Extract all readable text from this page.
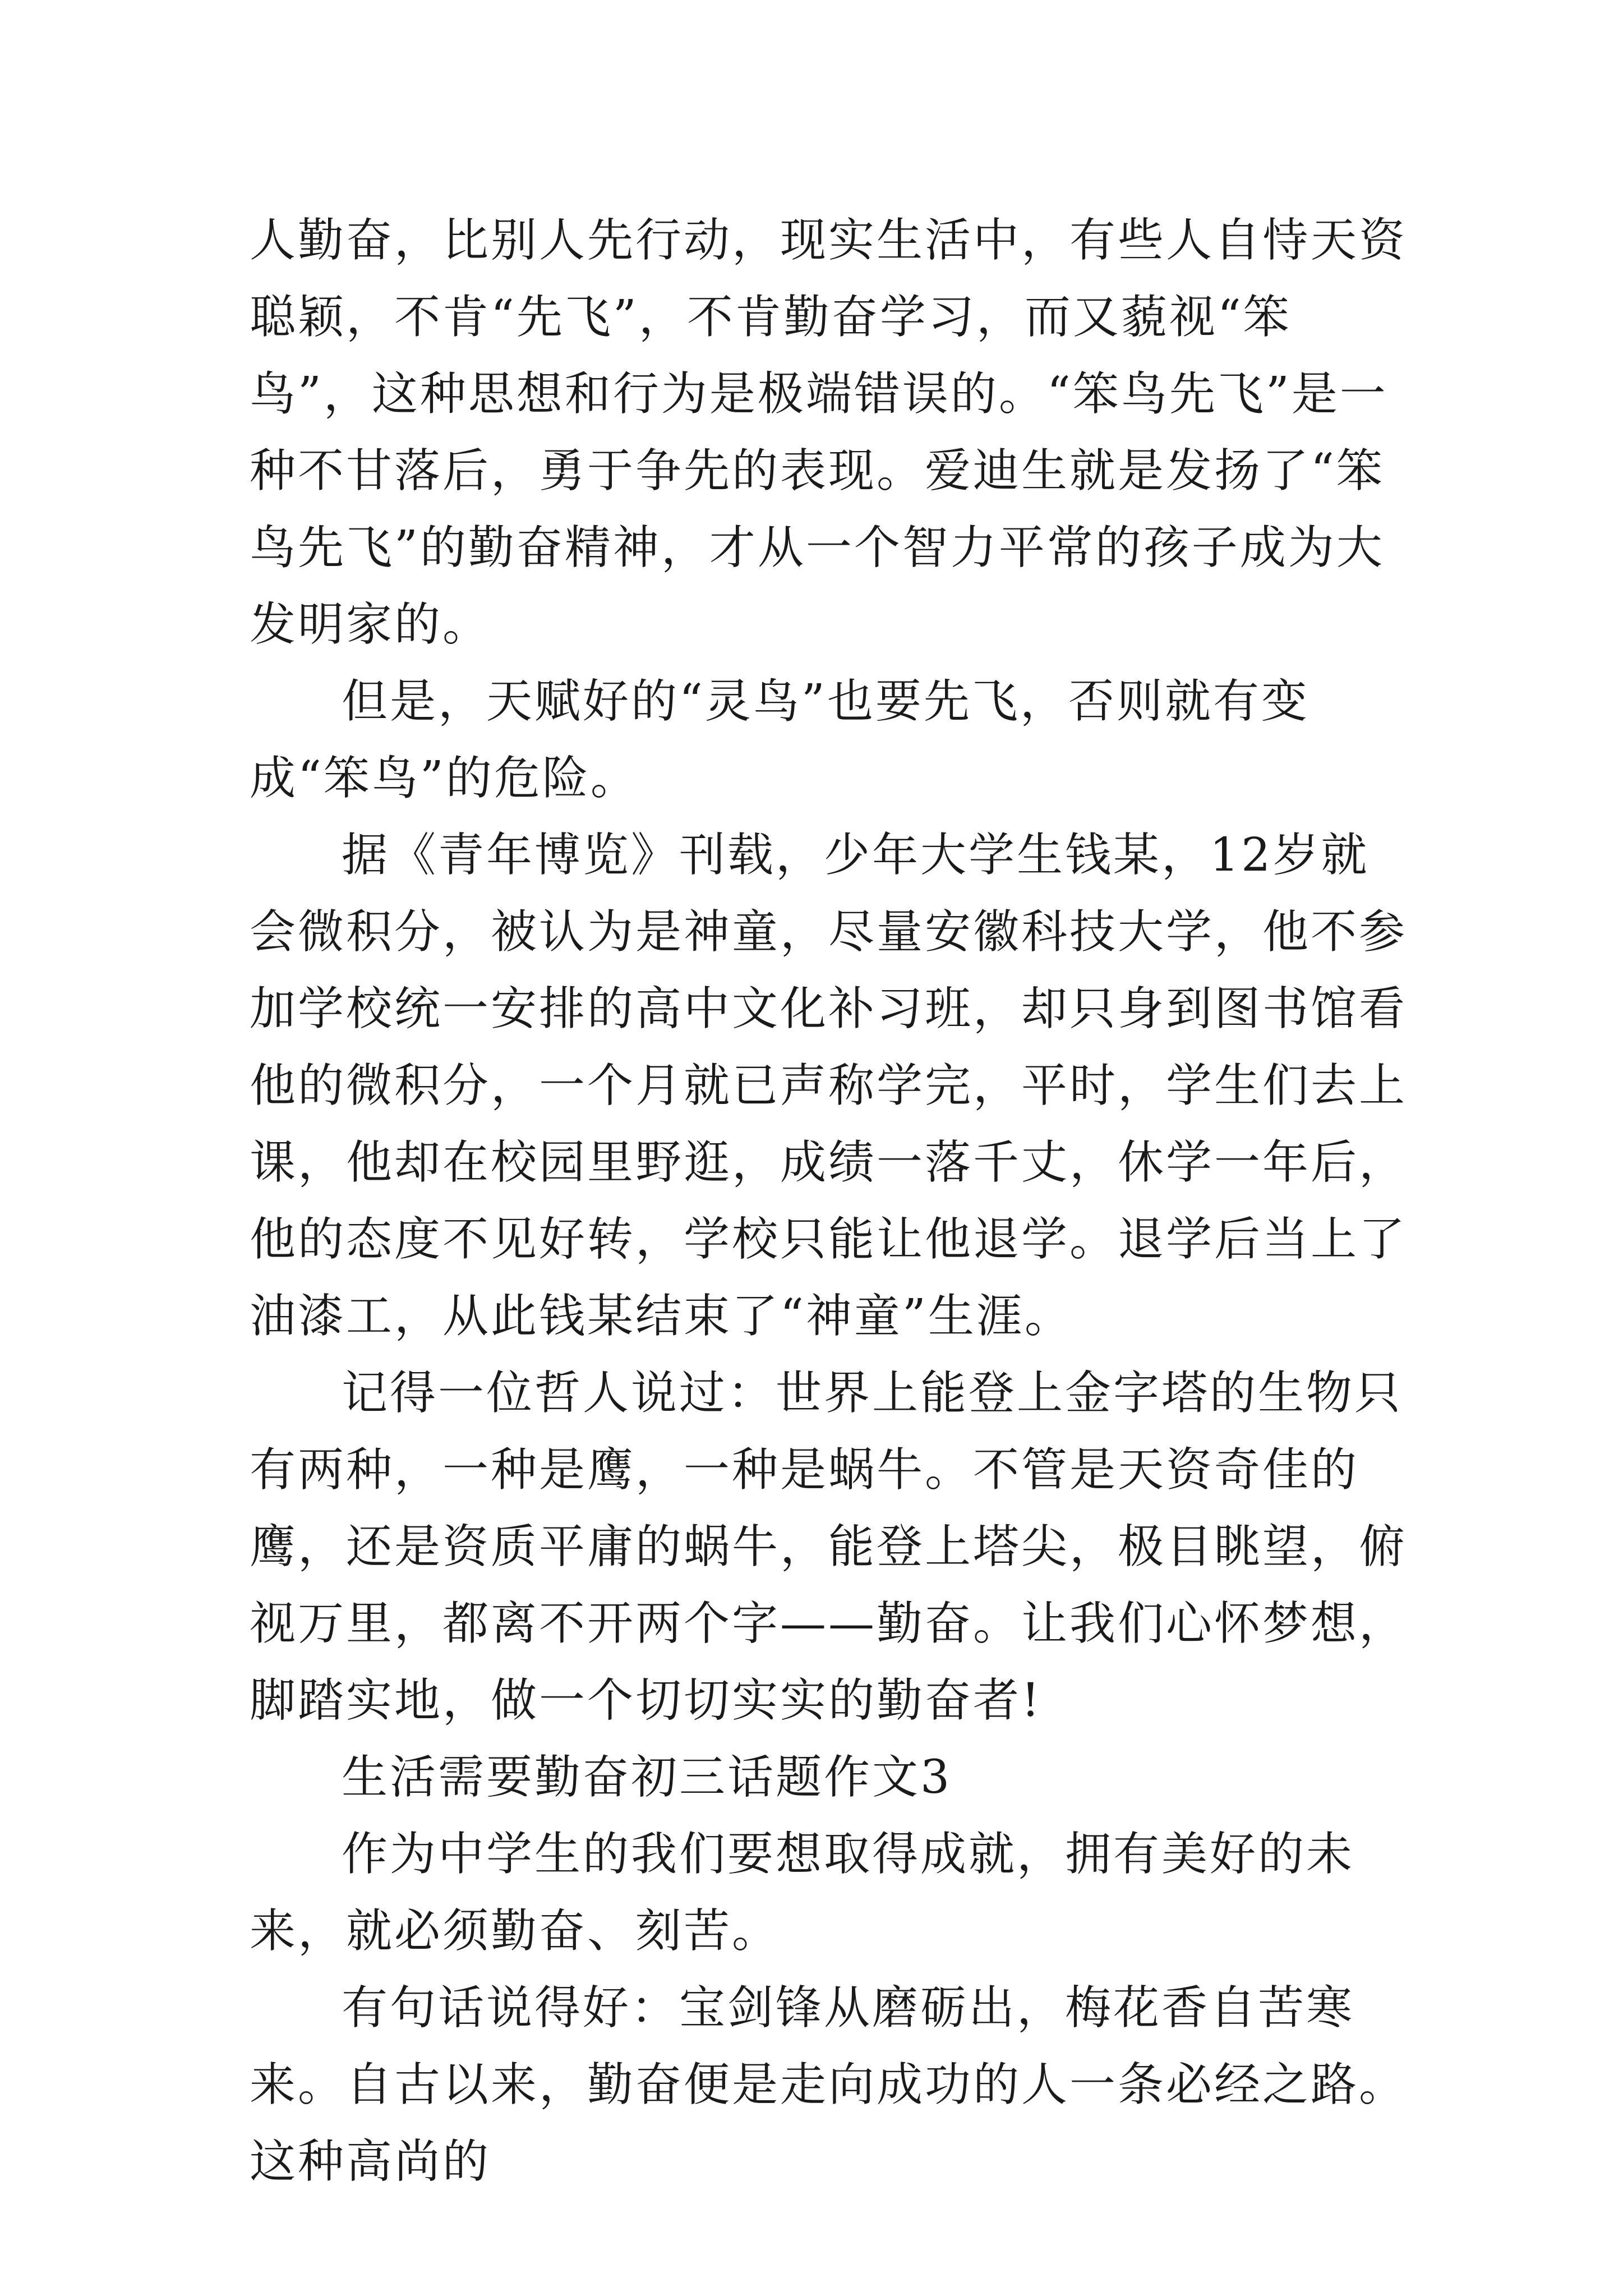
人勤奋，比别人先行动，现实生活中，有些人自恃天资聪颖，不肯“先飞”，不肯勤奋学习，而又藐视“笨鸟”，这种思想和行为是极端错误的。“笨鸟先飞”是一种不甘落后，勇于争先的表现。爱迪生就是发扬了“笨鸟先飞”的勤奋精神，才从一个智力平常的孩子成为大发明家的。

但是，天赋好的“灵鸟”也要先飞，否则就有变成“笨鸟”的危险。

据《青年博览》刊载，少年大学生钱某，12岁就会微积分，被认为是神童，尽量安徽科技大学，他不参加学校统一安排的高中文化补习班，却只身到图书馆看他的微积分，一个月就已声称学完，平时，学生们去上课，他却在校园里野逛，成绩一落千丈，休学一年后，他的态度不见好转，学校只能让他退学。退学后当上了油漆工，从此钱某结束了“神童”生涯。

记得一位哲人说过：世界上能登上金字塔的生物只有两种，一种是鹰，一种是蜗牛。不管是天资奇佳的鹰，还是资质平庸的蜗牛，能登上塔尖，极目眺望，俯视万里，都离不开两个字——勤奋。让我们心怀梦想，脚踏实地，做一个切切实实的勤奋者!

生活需要勤奋初三话题作文3

作为中学生的我们要想取得成就，拥有美好的未来，就必须勤奋、刻苦。

有句话说得好：宝剑锋从磨砺出，梅花香自苦寒来。自古以来，勤奋便是走向成功的人一条必经之路。这种高尚的
